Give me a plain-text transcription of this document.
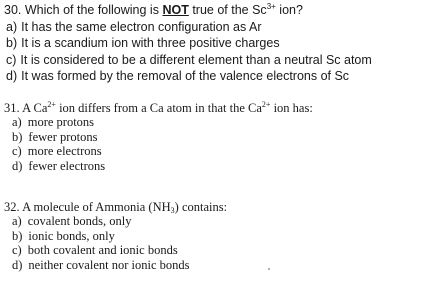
30. Which of the following is NOT true of the $Sc^{3+}$ ion?
a) It has the same electron configuration as Ar
b) It is a scandium ion with three positive charges
c) It is considered to be a different element than a neutral Sc atom
d) It was formed by the removal of the valence electrons of Sc
31. A $Ca^{2+}$ ion differs from a Ca atom in that the $Ca^{2+}$ ion has:
a) more protons
b) fewer protons
c) more electrons
d) fewer electrons
32. A molecule of Ammonia $(NH_3)$ contains:
a) covalent bonds, only
b) ionic bonds, only
c) both covalent and ionic bonds
d) neither covalent nor ionic bonds
